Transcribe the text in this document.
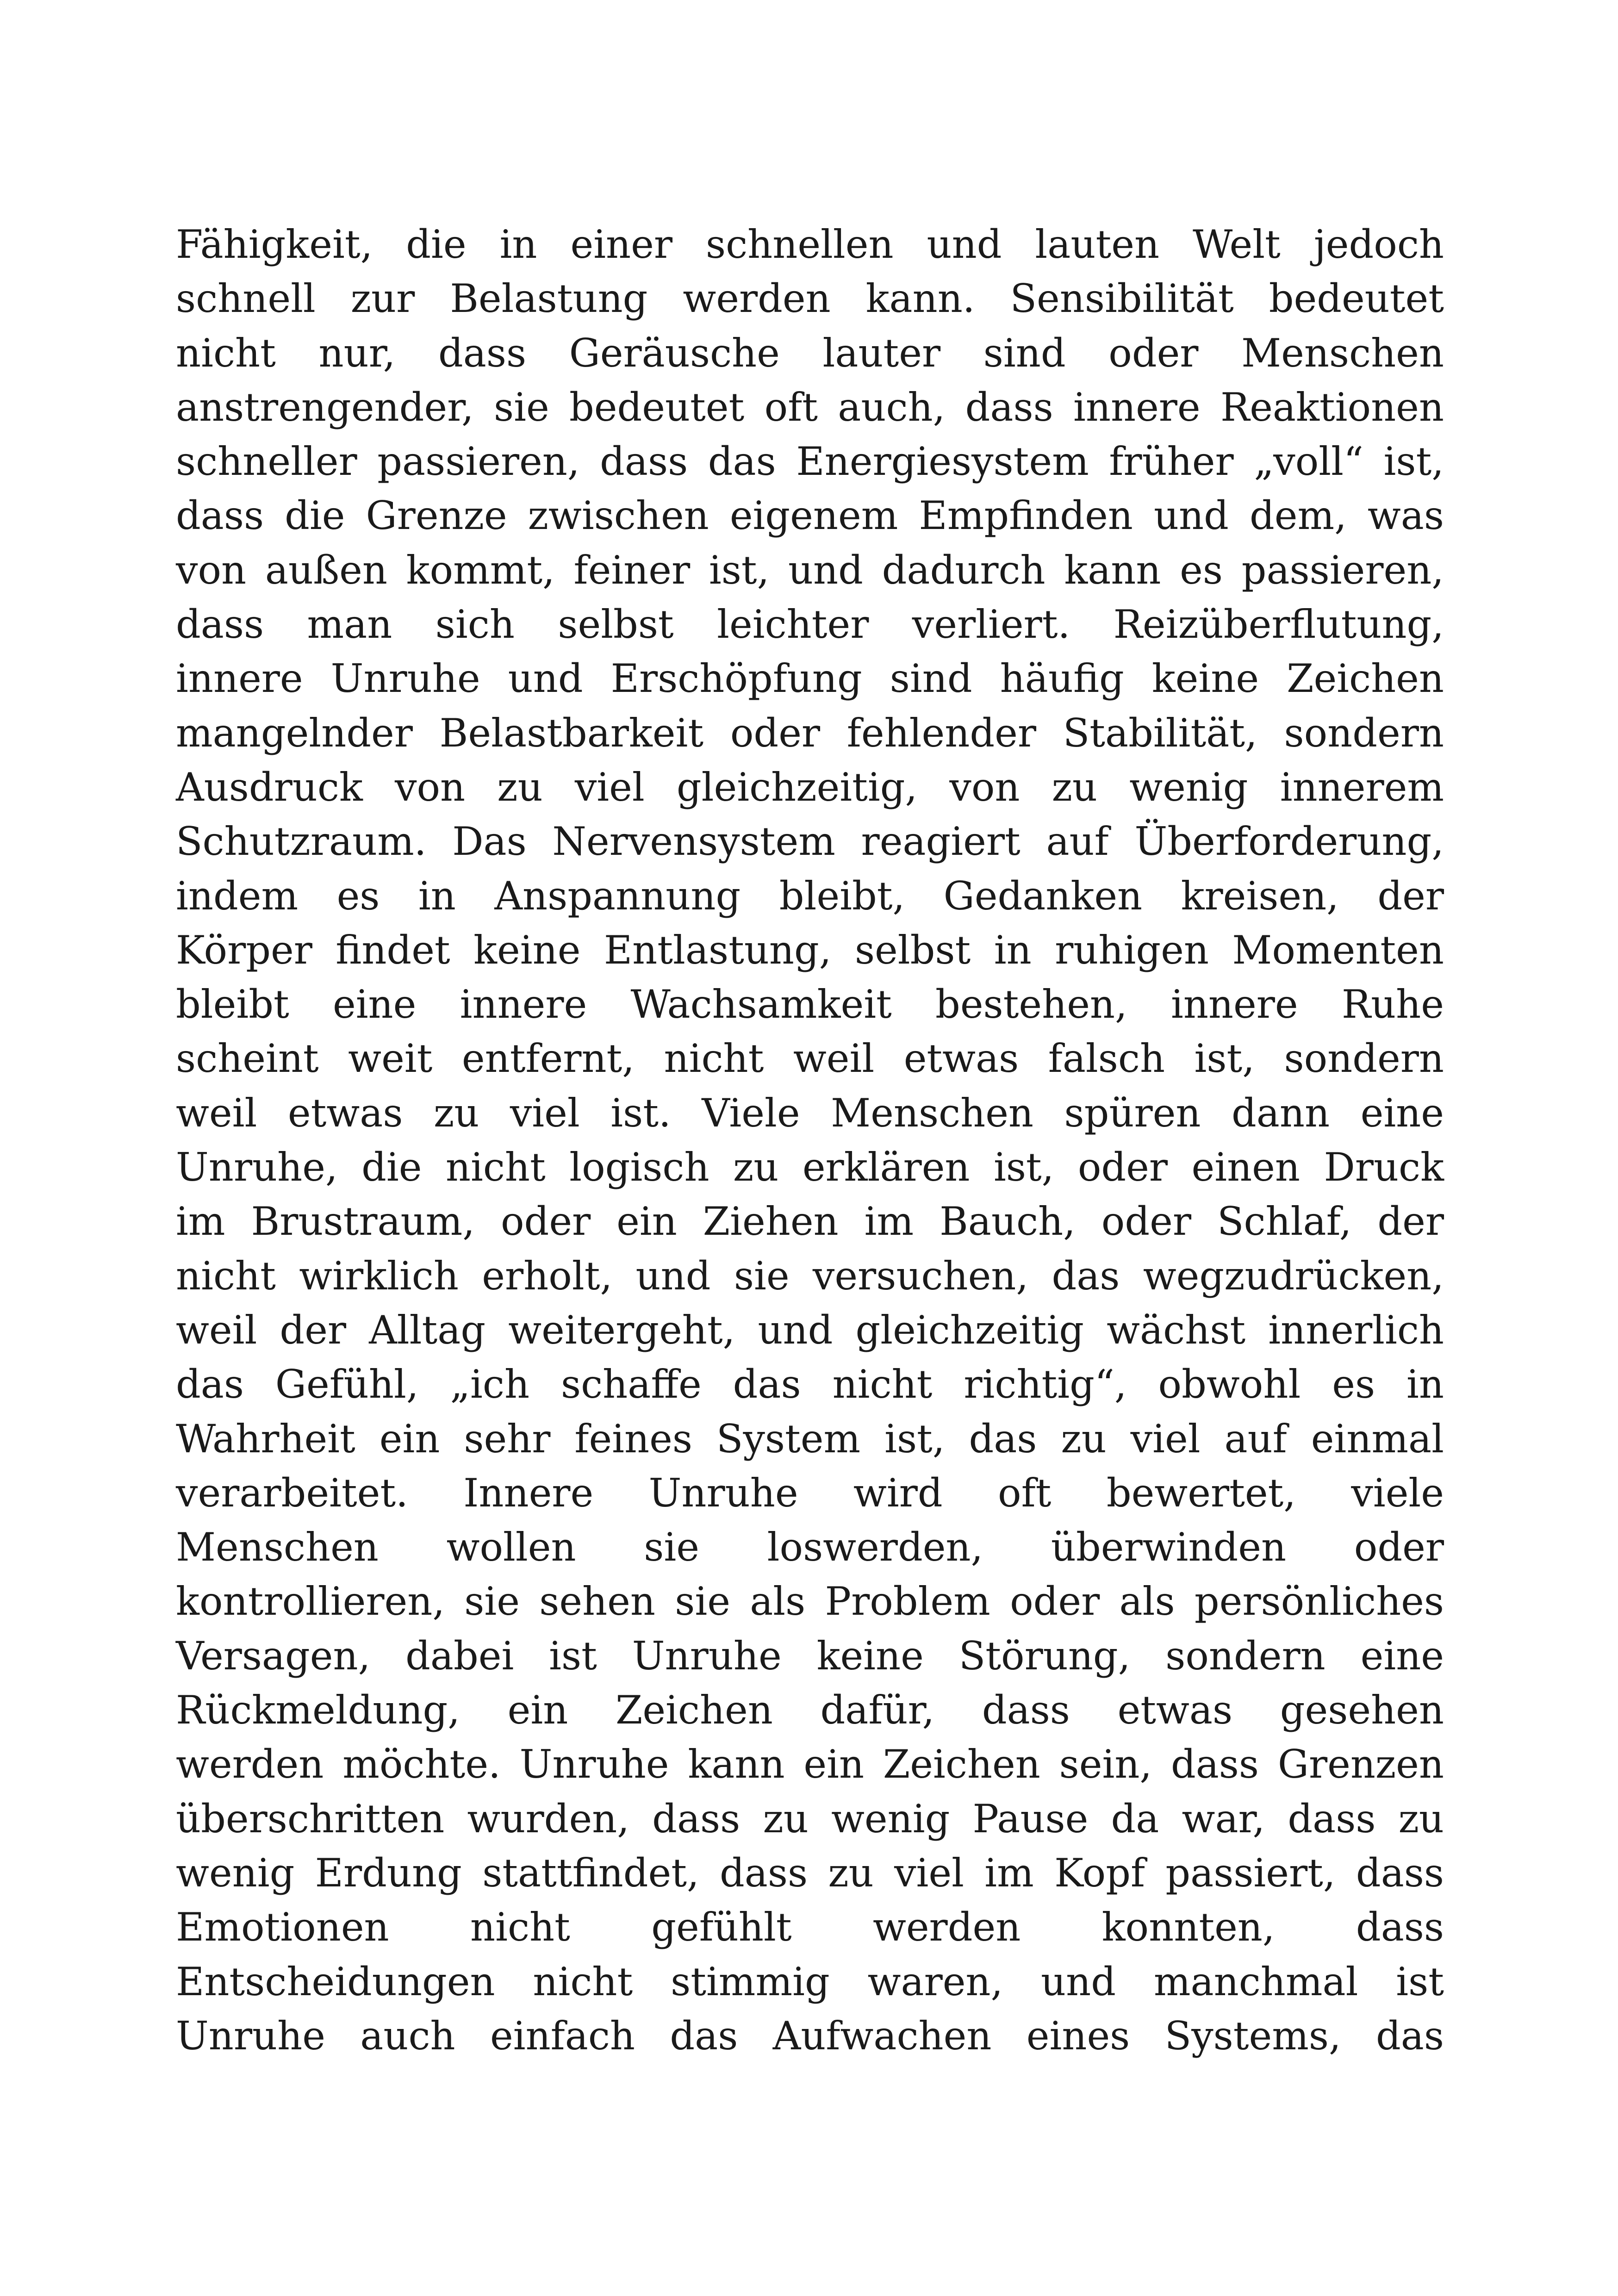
Fähigkeit, die in einer schnellen und lauten Welt jedoch
schnell zur Belastung werden kann. Sensibilität bedeutet
nicht nur, dass Geräusche lauter sind oder Menschen
anstrengender, sie bedeutet oft auch, dass innere Reaktionen
schneller passieren, dass das Energiesystem früher „voll“ ist,
dass die Grenze zwischen eigenem Empfinden und dem, was
von außen kommt, feiner ist, und dadurch kann es passieren,
dass man sich selbst leichter verliert. Reizüberflutung,
innere Unruhe und Erschöpfung sind häufig keine Zeichen
mangelnder Belastbarkeit oder fehlender Stabilität, sondern
Ausdruck von zu viel gleichzeitig, von zu wenig innerem
Schutzraum. Das Nervensystem reagiert auf Überforderung,
indem es in Anspannung bleibt, Gedanken kreisen, der
Körper findet keine Entlastung, selbst in ruhigen Momenten
bleibt eine innere Wachsamkeit bestehen, innere Ruhe
scheint weit entfernt, nicht weil etwas falsch ist, sondern
weil etwas zu viel ist. Viele Menschen spüren dann eine
Unruhe, die nicht logisch zu erklären ist, oder einen Druck
im Brustraum, oder ein Ziehen im Bauch, oder Schlaf, der
nicht wirklich erholt, und sie versuchen, das wegzudrücken,
weil der Alltag weitergeht, und gleichzeitig wächst innerlich
das Gefühl, „ich schaffe das nicht richtig“, obwohl es in
Wahrheit ein sehr feines System ist, das zu viel auf einmal
verarbeitet. Innere Unruhe wird oft bewertet, viele
Menschen wollen sie loswerden, überwinden oder
kontrollieren, sie sehen sie als Problem oder als persönliches
Versagen, dabei ist Unruhe keine Störung, sondern eine
Rückmeldung, ein Zeichen dafür, dass etwas gesehen
werden möchte. Unruhe kann ein Zeichen sein, dass Grenzen
überschritten wurden, dass zu wenig Pause da war, dass zu
wenig Erdung stattfindet, dass zu viel im Kopf passiert, dass
Emotionen nicht gefühlt werden konnten, dass
Entscheidungen nicht stimmig waren, und manchmal ist
Unruhe auch einfach das Aufwachen eines Systems, das
